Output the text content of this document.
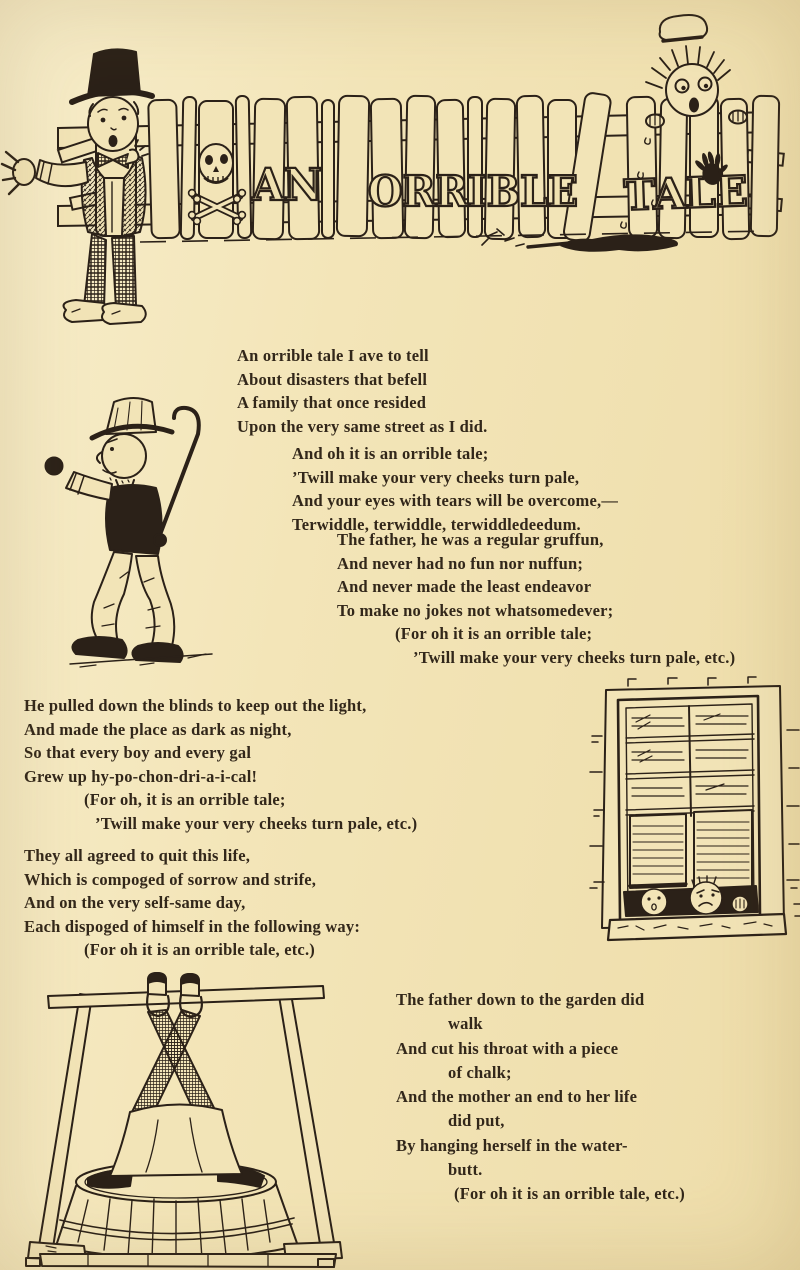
AN ORRIBLE TALE
An orrible tale I ave to tell
About disasters that befell
A family that once resided
Upon the very same street as I did.
And oh it is an orrible tale;
’Twill make your very cheeks turn pale,
And your eyes with tears will be overcome,—
Terwiddle, terwiddle, terwiddledeedum.
The father, he was a regular gruffun,
And never had no fun nor nuffun;
And never made the least endeavor
To make no jokes not whatsomedever;
(For oh it is an orrible tale;
’Twill make your very cheeks turn pale, etc.)
He pulled down the blinds to keep out the light,
And made the place as dark as night,
So that every boy and every gal
Grew up hy-po-chon-dri-a-i-cal!
(For oh, it is an orrible tale;
’Twill make your very cheeks turn pale, etc.)
They all agreed to quit this life,
Which is compoged of sorrow and strife,
And on the very self-same day,
Each dispoged of himself in the following way:
(For oh it is an orrible tale, etc.)
The father down to the garden did
walk
And cut his throat with a piece
of chalk;
And the mother an end to her life
did put,
By hanging herself in the water-
butt.
(For oh it is an orrible tale, etc.)
